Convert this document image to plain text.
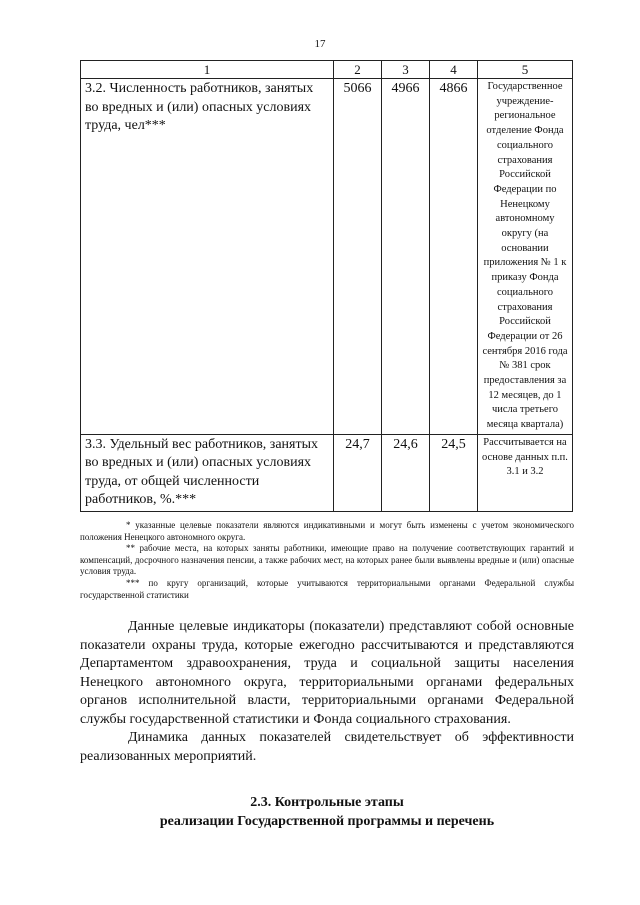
17
1	2	3	4	5
3.2. Численность работников, занятых во вредных и (или) опасных условиях труда, чел***	5066	4966	4866	Государственное учреждение-региональное отделение Фонда социального страхования Российской Федерации по Ненецкому автономному округу (на основании приложения № 1 к приказу Фонда социального страхования Российской Федерации от 26 сентября 2016 года № 381 срок предоставления за 12 месяцев, до 1 числа третьего месяца квартала)
3.3. Удельный вес работников, занятых во вредных и (или) опасных условиях труда, от общей численности работников, %.***	24,7	24,6	24,5	Рассчитывается на основе данных п.п. 3.1 и 3.2

* указанные целевые показатели являются индикативными и могут быть изменены с учетом экономического положения Ненецкого автономного округа.

** рабочие места, на которых заняты работники, имеющие право на получение соответствующих гарантий и компенсаций, досрочного назначения пенсии, а также рабочих мест, на которых ранее были выявлены вредные и (или) опасные условия труда.

*** по кругу организаций, которые учитываются территориальными органами Федеральной службы государственной статистики

Данные целевые индикаторы (показатели) представляют собой основные показатели охраны труда, которые ежегодно рассчитываются и представляются Департаментом здравоохранения, труда и социальной защиты населения Ненецкого автономного округа, территориальными органами федеральных органов исполнительной власти, территориальными органами Федеральной службы государственной статистики и Фонда социального страхования.

Динамика данных показателей свидетельствует об эффективности реализованных мероприятий.

2.3. Контрольные этапы
реализации Государственной программы и перечень
